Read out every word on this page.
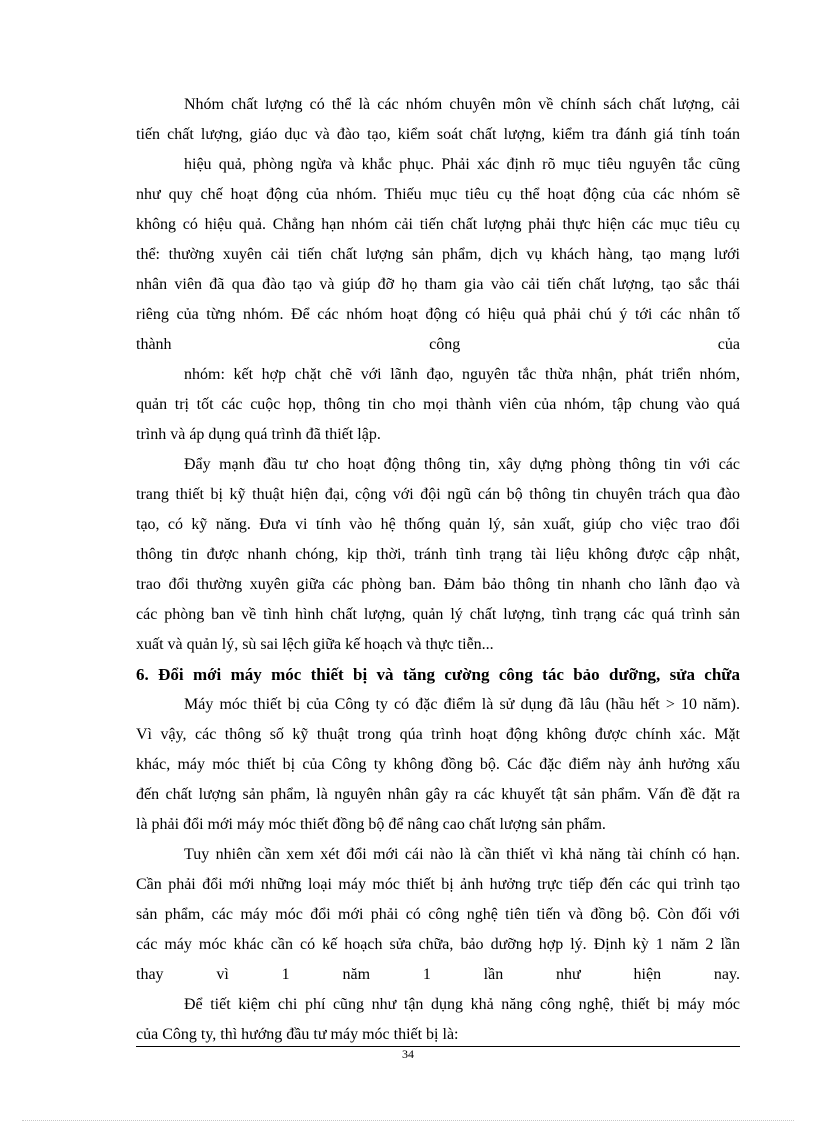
Nhóm chất lượng có thể là các nhóm chuyên môn về chính sách chất lượng, cải
tiến chất lượng, giáo dục và đào tạo, kiểm soát chất lượng, kiểm tra đánh giá tính toán
hiệu quả, phòng ngừa và khắc phục. Phải xác định rõ mục tiêu nguyên tắc cũng
như quy chế hoạt động của nhóm. Thiếu mục tiêu cụ thể hoạt động của các nhóm sẽ
không có hiệu quả. Chẳng hạn nhóm cải tiến chất lượng phải thực hiện các mục tiêu cụ
thể: thường xuyên cải tiến chất lượng sản phẩm, dịch vụ khách hàng, tạo mạng lưới
nhân viên đã qua đào tạo và giúp đỡ họ tham gia vào cải tiến chất lượng, tạo sắc thái
riêng của từng nhóm. Để các nhóm hoạt động có hiệu quả phải chú ý tới các nhân tố
thành công của
nhóm: kết hợp chặt chẽ với lãnh đạo, nguyên tắc thừa nhận, phát triển nhóm,
quản trị tốt các cuộc họp, thông tin cho mọi thành viên của nhóm, tập chung vào quá
trình và áp dụng quá trình đã thiết lập.
Đẩy mạnh đầu tư cho hoạt động thông tin, xây dựng phòng thông tin với các
trang thiết bị kỹ thuật hiện đại, cộng với đội ngũ cán bộ thông tin chuyên trách qua đào
tạo, có kỹ năng. Đưa vi tính vào hệ thống quản lý, sản xuất, giúp cho việc trao đổi
thông tin được nhanh chóng, kịp thời, tránh tình trạng tài liệu không được cập nhật,
trao đổi thường xuyên giữa các phòng ban. Đảm bảo thông tin nhanh cho lãnh đạo và
các phòng ban về tình hình chất lượng, quản lý chất lượng, tình trạng các quá trình sản
xuất và quản lý, sù sai lệch giữa kế hoạch và thực tiễn...
6. Đổi mới máy móc thiết bị và tăng cường công tác bảo dưỡng, sửa chữa
Máy móc thiết bị của Công ty có đặc điểm là sử dụng đã lâu (hầu hết > 10 năm).
Vì vậy, các thông số kỹ thuật trong qúa trình hoạt động không được chính xác. Mặt
khác, máy móc thiết bị của Công ty không đồng bộ. Các đặc điểm này ảnh hưởng xấu
đến chất lượng sản phẩm, là nguyên nhân gây ra các khuyết tật sản phẩm. Vấn đề đặt ra
là phải đổi mới máy móc thiết đồng bộ để nâng cao chất lượng sản phẩm.
Tuy nhiên cần xem xét đổi mới cái nào là cần thiết vì khả năng tài chính có hạn.
Cần phải đổi mới những loại máy móc thiết bị ảnh hưởng trực tiếp đến các qui trình tạo
sản phẩm, các máy móc đổi mới phải có công nghệ tiên tiến và đồng bộ. Còn đối với
các máy móc khác cần có kế hoạch sửa chữa, bảo dưỡng hợp lý. Định kỳ 1 năm 2 lần
thay vì 1 năm 1 lần như hiện nay.
Để tiết kiệm chi phí cũng như tận dụng khả năng công nghệ, thiết bị máy móc
của Công ty, thì hướng đầu tư máy móc thiết bị là:
34
